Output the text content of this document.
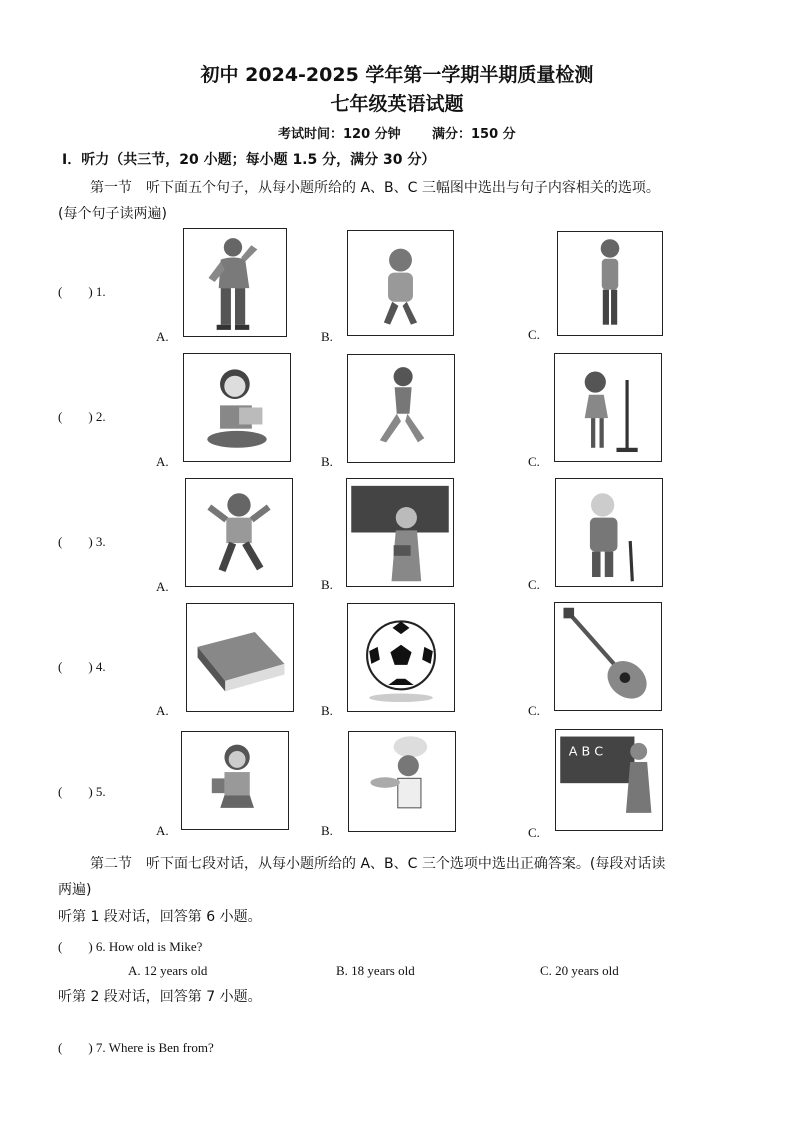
初中 2024-2025 学年第一学期半期质量检测
七年级英语试题
考试时间：120 分钟 满分：150 分
I．听力（共三节，20 小题；每小题 1.5 分，满分 30 分）
第一节　听下面五个句子，从每小题所给的 A、B、C 三幅图中选出与句子内容相关的选项。
(每个句子读两遍)
(　　) 1.
A.	B.	C.
(　　) 2.
A.	B.	C.
(　　) 3.
A.	B.	C.
(　　) 4.
A.	B.	C.
(　　) 5.
A B C
A.	B.	C.
第二节　听下面七段对话，从每小题所给的 A、B、C 三个选项中选出正确答案。(每段对话读
两遍)
听第 1 段对话，回答第 6 小题。
(　　) 6. How old is Mike?
A. 12 years old	B. 18 years old	C. 20 years old
听第 2 段对话，回答第 7 小题。
(　　) 7. Where is Ben from?
